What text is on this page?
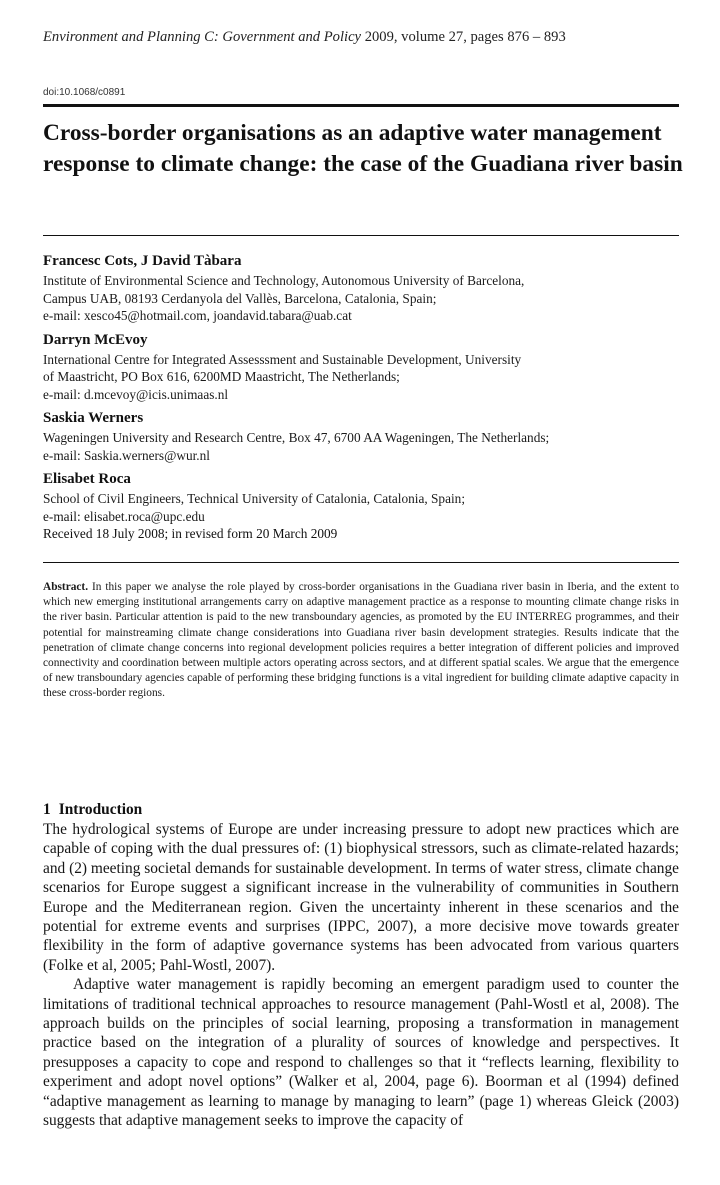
Environment and Planning C: Government and Policy 2009, volume 27, pages 876 – 893
doi:10.1068/c0891
Cross-border organisations as an adaptive water management response to climate change: the case of the Guadiana river basin
Francesc Cots, J David Tàbara
Institute of Environmental Science and Technology, Autonomous University of Barcelona,
Campus UAB, 08193 Cerdanyola del Vallès, Barcelona, Catalonia, Spain;
e-mail: xesco45@hotmail.com, joandavid.tabara@uab.cat
Darryn McEvoy
International Centre for Integrated Assesssment and Sustainable Development, University
of Maastricht, PO Box 616, 6200MD Maastricht, The Netherlands;
e-mail: d.mcevoy@icis.unimaas.nl
Saskia Werners
Wageningen University and Research Centre, Box 47, 6700 AA Wageningen, The Netherlands;
e-mail: Saskia.werners@wur.nl
Elisabet Roca
School of Civil Engineers, Technical University of Catalonia, Catalonia, Spain;
e-mail: elisabet.roca@upc.edu
Received 18 July 2008; in revised form 20 March 2009
Abstract. In this paper we analyse the role played by cross-border organisations in the Guadiana river basin in Iberia, and the extent to which new emerging institutional arrangements carry on adaptive management practice as a response to mounting climate change risks in the river basin. Particular attention is paid to the new transboundary agencies, as promoted by the EU INTERREG programmes, and their potential for mainstreaming climate change considerations into Guadiana river basin development strategies. Results indicate that the penetration of climate change concerns into regional development policies requires a better integration of different policies and improved connectivity and coordination between multiple actors operating across sectors, and at different spatial scales. We argue that the emergence of new transboundary agencies capable of performing these bridging functions is a vital ingredient for building climate adaptive capacity in these cross-border regions.
1 Introduction

The hydrological systems of Europe are under increasing pressure to adopt new practices which are capable of coping with the dual pressures of: (1) biophysical stressors, such as climate-related hazards; and (2) meeting societal demands for sustainable development. In terms of water stress, climate change scenarios for Europe suggest a significant increase in the vulnerability of communities in Southern Europe and the Mediterranean region. Given the uncertainty inherent in these scenarios and the potential for extreme events and surprises (IPPC, 2007), a more decisive move towards greater flexibility in the form of adaptive governance systems has been advocated from various quarters (Folke et al, 2005; Pahl-Wostl, 2007).

Adaptive water management is rapidly becoming an emergent paradigm used to counter the limitations of traditional technical approaches to resource management (Pahl-Wostl et al, 2008). The approach builds on the principles of social learning, proposing a transformation in management practice based on the integration of a plurality of sources of knowledge and perspectives. It presupposes a capacity to cope and respond to challenges so that it “reflects learning, flexibility to experiment and adopt novel options” (Walker et al, 2004, page 6). Boorman et al (1994) defined “adaptive management as learning to manage by managing to learn” (page 1) whereas Gleick (2003) suggests that adaptive management seeks to improve the capacity of
